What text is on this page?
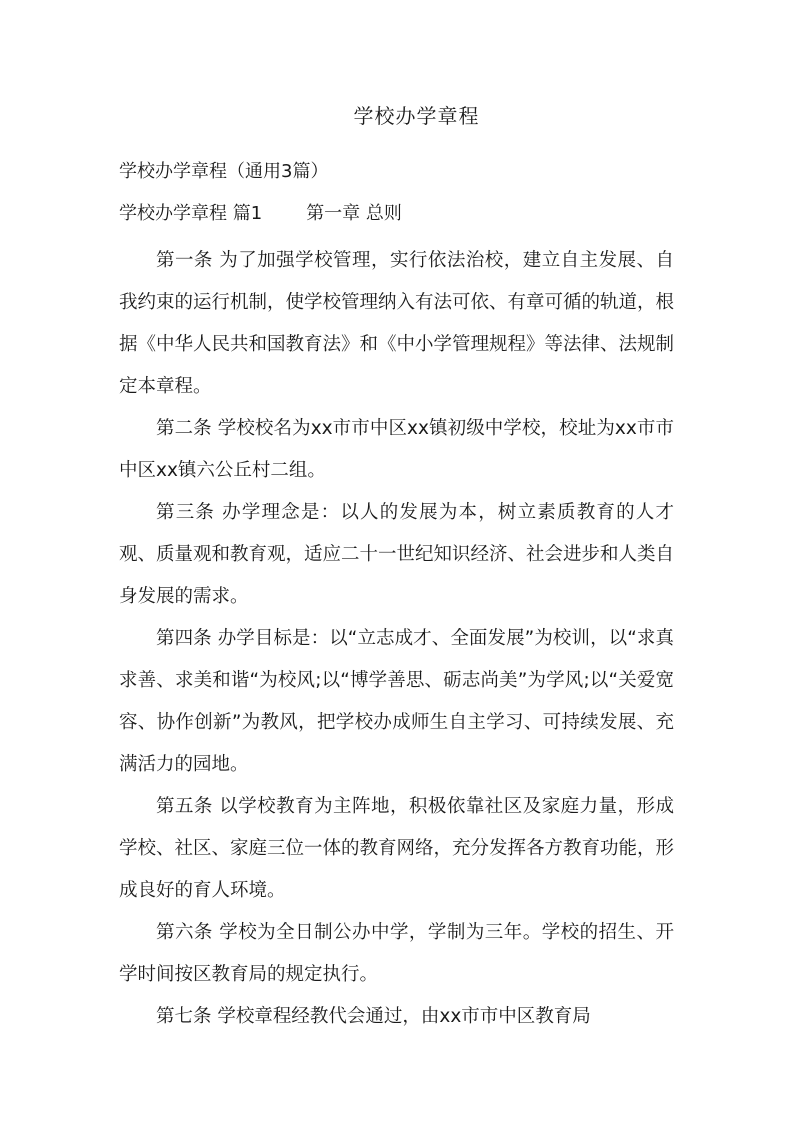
学校办学章程
学校办学章程（通用3篇）
学校办学章程 篇1 第一章 总则

第一条 为了加强学校管理，实行依法治校，建立自主发展、自我约束的运行机制，使学校管理纳入有法可依、有章可循的轨道，根据《中华人民共和国教育法》和《中小学管理规程》等法律、法规制定本章程。

第二条 学校校名为xx市市中区xx镇初级中学校，校址为xx市市中区xx镇六公丘村二组。

第三条 办学理念是：以人的发展为本，树立素质教育的人才观、质量观和教育观，适应二十一世纪知识经济、社会进步和人类自身发展的需求。

第四条 办学目标是：以“立志成才、全面发展”为校训，以“求真求善、求美和谐“为校风;以“博学善思、砺志尚美”为学风;以“关爱宽容、协作创新”为教风，把学校办成师生自主学习、可持续发展、充满活力的园地。

第五条 以学校教育为主阵地，积极依靠社区及家庭力量，形成学校、社区、家庭三位一体的教育网络，充分发挥各方教育功能，形成良好的育人环境。

第六条 学校为全日制公办中学，学制为三年。学校的招生、开学时间按区教育局的规定执行。

第七条 学校章程经教代会通过，由xx市市中区教育局
